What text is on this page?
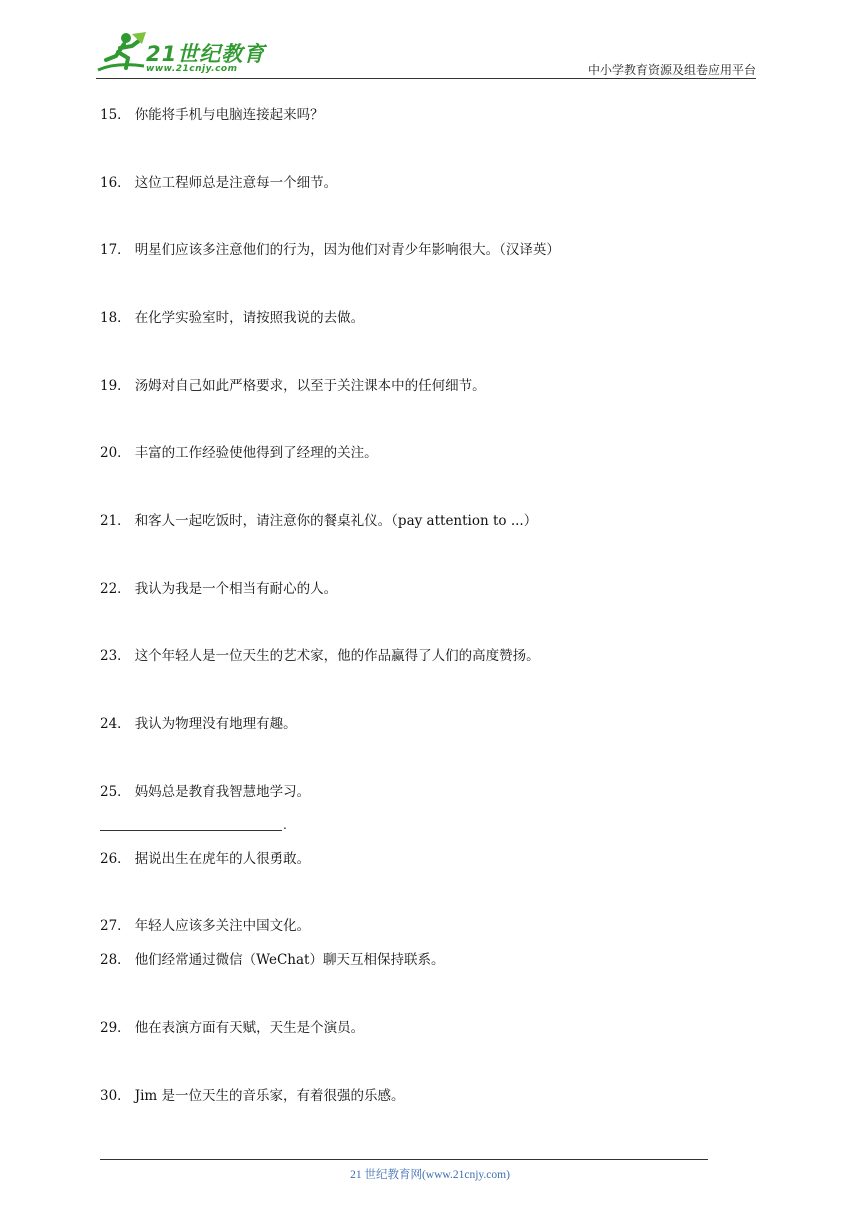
21世纪教育
www.21cnjy.com	中小学教育资源及组卷应用平台
15． 你能将手机与电脑连接起来吗？
16． 这位工程师总是注意每一个细节。
17． 明星们应该多注意他们的行为，因为他们对青少年影响很大。（汉译英）
18． 在化学实验室时，请按照我说的去做。
19． 汤姆对自己如此严格要求，以至于关注课本中的任何细节。
20． 丰富的工作经验使他得到了经理的关注。
21． 和客人一起吃饭时，请注意你的餐桌礼仪。（pay attention to ...）
22． 我认为我是一个相当有耐心的人。
23． 这个年轻人是一位天生的艺术家，他的作品赢得了人们的高度赞扬。
24． 我认为物理没有地理有趣。
25． 妈妈总是教育我智慧地学习。
.
26． 据说出生在虎年的人很勇敢。
27． 年轻人应该多关注中国文化。
28． 他们经常通过微信（WeChat）聊天互相保持联系。
29． 他在表演方面有天赋，天生是个演员。
30． Jim 是一位天生的音乐家，有着很强的乐感。
21 世纪教育网(www.21cnjy.com)
